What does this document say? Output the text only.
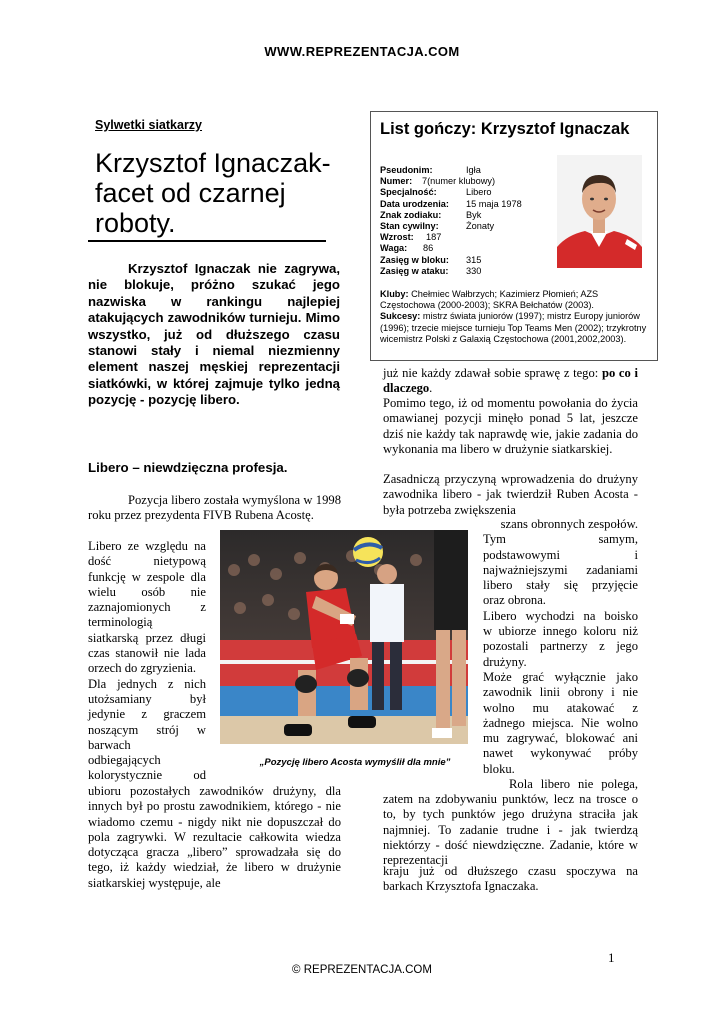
WWW.REPREZENTACJA.COM
Sylwetki siatkarzy
Krzysztof Ignaczak-
facet od czarnej
roboty.
Krzysztof Ignaczak nie zagrywa, nie blokuje, próżno szukać jego nazwiska w rankingu najlepiej atakujących zawodników turnieju. Mimo wszystko, już od dłuższego czasu stanowi stały i niemal niezmienny element naszej męskiej reprezentacji siatkówki, w której zajmuje tylko jedną pozycję - pozycję libero.
Libero – niewdzięczna profesja.
Pozycja libero została wymyślona w 1998 roku przez prezydenta FIVB Rubena Acostę.
Libero ze względu na
dość nietypową
funkcję w zespole dla
wielu osób nie
zaznajomionych z
terminologią
siatkarską przez długi
czas stanowił nie lada
orzech do zgryzienia.
Dla jednych z nich
utożsamiany był
jedynie z graczem
noszącym strój w
barwach
odbiegających
kolorystycznie od
ubioru pozostałych zawodników drużyny, dla innych był po prostu zawodnikiem, którego - nie wiadomo czemu - nigdy nikt nie dopuszczał do pola zagrywki. W rezultacie całkowita wiedza dotycząca gracza „libero” sprowadzała się do tego, iż każdy wiedział, że libero w drużynie siatkarskiej występuje, ale
już nie każdy zdawał sobie sprawę z tego: po co i dlaczego.
Pomimo tego, iż od momentu powołania do życia omawianej pozycji minęło ponad 5 lat, jeszcze dziś nie każdy tak naprawdę wie, jakie zadania do wykonania ma libero w drużynie siatkarskiej.
Zasadniczą przyczyną wprowadzenia do drużyny zawodnika libero - jak twierdził Ruben Acosta - była potrzeba zwiększenia
szans obronnych zespołów.
Tym samym,
podstawowymi i
najważniejszymi zadaniami
libero stały się przyjęcie
oraz obrona.
Libero wychodzi na boisko
w ubiorze innego koloru niż
pozostali partnerzy z jego
drużyny.
Może grać wyłącznie jako
zawodnik linii obrony i nie
wolno mu atakować z
żadnego miejsca. Nie wolno
mu zagrywać, blokować ani
nawet wykonywać próby
bloku.
Rola libero nie polega,
zatem na zdobywaniu punktów, lecz na trosce o to, by tych punktów jego drużyna straciła jak najmniej. To zadanie trudne i - jak twierdzą niektórzy - dość niewdzięczne. Zadanie, które w reprezentacji
kraju już od dłuższego czasu spoczywa na barkach Krzysztofa Ignaczaka.
List gończy: Krzysztof Ignaczak
Pseudonim:	Igła
Numer: 7(numer klubowy)
Specjalność:	Libero
Data urodzenia: 15 maja 1978
Znak zodiaku:	Byk
Stan cywilny:	Żonaty
Wzrost: 187
Waga: 86
Zasięg w bloku: 315
Zasięg w ataku: 330
Kluby: Chełmiec Wałbrzych; Kazimierz Płomień; AZS Częstochowa (2000-2003); SKRA Bełchatów (2003).
Sukcesy: mistrz świata juniorów (1997); mistrz Europy juniorów (1996); trzecie miejsce turnieju Top Teams Men (2002); trzykrotny wicemistrz Polski z Galaxią Częstochowa (2001,2002,2003).
„Pozycję libero Acosta wymyślił dla mnie”
1
© REPREZENTACJA.COM
